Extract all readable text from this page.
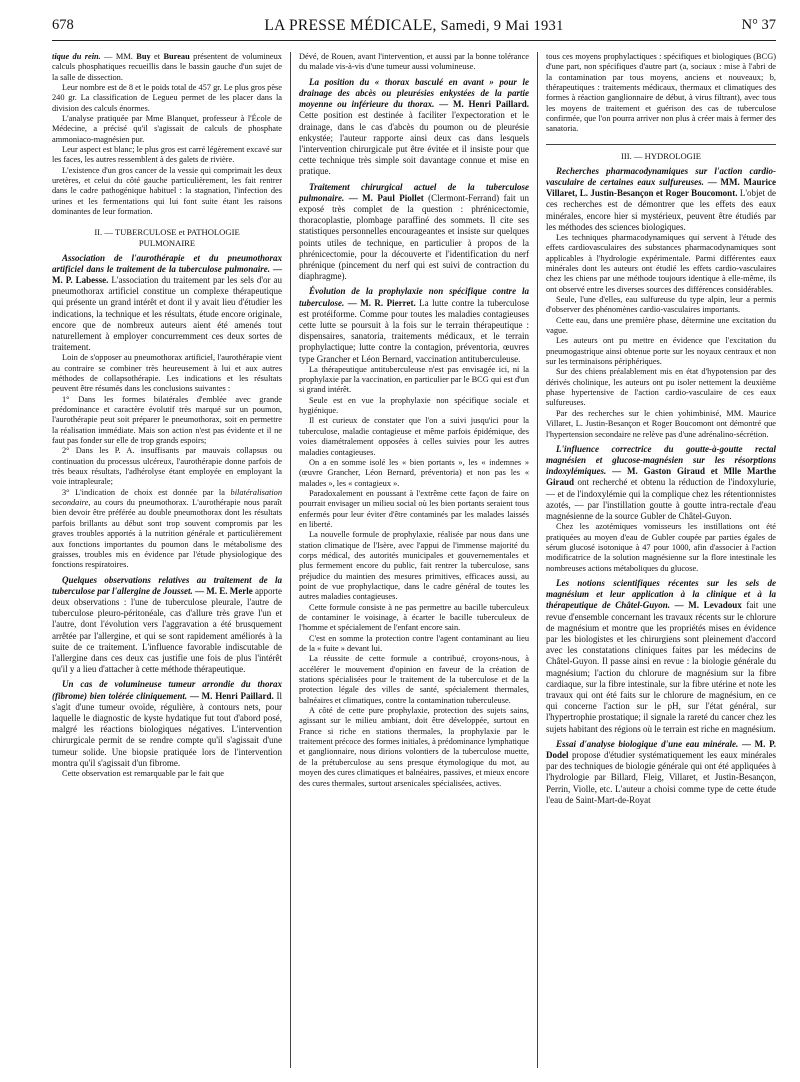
678	LA PRESSE MÉDICALE, Samedi, 9 Mai 1931	N° 37

tique du rein. — MM. Buy et Bureau présentent de volumineux calculs phosphatiques recueillis dans le bassin gauche d'un sujet de la salle de dissection.

Leur nombre est de 8 et le poids total de 457 gr. Le plus gros pèse 240 gr. La classification de Legueu permet de les placer dans la division des calculs énormes.

L'analyse pratiquée par Mme Blanquet, professeur à l'École de Médecine, a précisé qu'il s'agissait de calculs de phosphate ammoniaco-magnésien pur.

Leur aspect est blanc; le plus gros est carré légèrement excavé sur les faces, les autres ressemblent à des galets de rivière.

L'existence d'un gros cancer de la vessie qui comprimait les deux uretères, et celui du côté gauche particulièrement, les fait rentrer dans le cadre pathogénique habituel : la stagnation, l'infection des urines et les fermentations qui lui font suite étant les raisons dominantes de leur formation.

II. — TUBERCULOSE et PATHOLOGIE

PULMONAIRE

Association de l'aurothérapie et du pneumothorax artificiel dans le traitement de la tuberculose pulmonaire. — M. P. Labesse. L'association du traitement par les sels d'or au pneumothorax artificiel constitue un complexe thérapeutique qui présente un grand intérêt et dont il y avait lieu d'étudier les indications, la technique et les résultats, étude encore originale, encore que de nombreux auteurs aient été amenés tout naturellement à employer concurremment ces deux sortes de traitement.

Loin de s'opposer au pneumothorax artificiel, l'aurothérapie vient au contraire se combiner très heureusement à lui et aux autres méthodes de collapsothérapie. Les indications et les résultats peuvent être résumés dans les conclusions suivantes :

1° Dans les formes bilatérales d'emblée avec grande prédominance et caractère évolutif très marqué sur un poumon, l'aurothérapie peut soit préparer le pneumothorax, soit en permettre la réalisation immédiate. Mais son action n'est pas évidente et il ne faut pas fonder sur elle de trop grands espoirs;

2° Dans les P. A. insuffisants par mauvais collapsus ou continuation du processus ulcéreux, l'aurothérapie donne parfois de très beaux résultats, l'adhérolyse étant employée en employant la voie intrapleurale;

3° L'indication de choix est donnée par la bilatéralisation secondaire, au cours du pneumothorax. L'aurothérapie nous paraît bien devoir être préférée au double pneumothorax dont les résultats parfois brillants au début sont trop souvent compromis par les graves troubles apportés à la nutrition générale et particulièrement aux fonctions importantes du poumon dans le métabolisme des graisses, troubles mis en évidence par l'étude physiologique des fonctions respiratoires.

Quelques observations relatives au traitement de la tuberculose par l'allergine de Jousset. — M. E. Merle apporte deux observations : l'une de tuberculose pleurale, l'autre de tuberculose pleuro-péritonéale, cas d'allure très grave l'un et l'autre, dont l'évolution vers l'aggravation a été brusquement arrêtée par l'allergine, et qui se sont rapidement améliorés à la suite de ce traitement. L'influence favorable indiscutable de l'allergine dans ces deux cas justifie une fois de plus l'intérêt qu'il y a lieu d'attacher à cette méthode thérapeutique.
Un cas de volumineuse tumeur arrondie du thorax (fibrome) bien tolérée cliniquement. — M. Henri Paillard. Il s'agit d'une tumeur ovoïde, régulière, à contours nets, pour laquelle le diagnostic de kyste hydatique fut tout d'abord posé, malgré les réactions biologiques négatives. L'intervention chirurgicale permit de se rendre compte qu'il s'agissait d'une tumeur solide. Une biopsie pratiquée lors de l'intervention montra qu'il s'agissait d'un fibrome.

Cette observation est remarquable par le fait que

Dévé, de Rouen, avant l'intervention, et aussi par la bonne tolérance du malade vis-à-vis d'une tumeur aussi volumineuse.

La position du « thorax basculé en avant » pour le drainage des abcès ou pleurésies enkystées de la partie moyenne ou inférieure du thorax. — M. Henri Paillard. Cette position est destinée à faciliter l'expectoration et le drainage, dans le cas d'abcès du poumon ou de pleurésie enkystée; l'auteur rapporte ainsi deux cas dans lesquels l'intervention chirurgicale put être évitée et il insiste pour que cette technique très simple soit davantage connue et mise en pratique.
Traitement chirurgical actuel de la tuberculose pulmonaire. — M. Paul Piollet (Clermont-Ferrand) fait un exposé très complet de la question : phrénicectomie, thoracoplastie, plombage paraffiné des sommets. Il cite ses statistiques personnelles encourageantes et insiste sur quelques points utiles de technique, en particulier à propos de la phrénicectomie, pour la découverte et l'identification du nerf phrénique (pincement du nerf qui est suivi de contraction du diaphragme).
Évolution de la prophylaxie non spécifique contre la tuberculose. — M. R. Pierret. La lutte contre la tuberculose est protéiforme. Comme pour toutes les maladies contagieuses cette lutte se poursuit à la fois sur le terrain thérapeutique : dispensaires, sanatoria, traitements médicaux, et le terrain prophylactique; lutte contre la contagion, préventoria, œuvres type Grancher et Léon Bernard, vaccination antituberculeuse.

La thérapeutique antituberculeuse n'est pas envisagée ici, ni la prophylaxie par la vaccination, en particulier par le BCG qui est d'un si grand intérêt.

Seule est en vue la prophylaxie non spécifique sociale et hygiénique.

Il est curieux de constater que l'on a suivi jusqu'ici pour la tuberculose, maladie contagieuse et même parfois épidémique, des voies diamétralement opposées à celles suivies pour les autres maladies contagieuses.

On a en somme isolé les « bien portants », les « indemnes » (œuvre Grancher, Léon Bernard, préventoria) et non pas les « malades », les « contagieux ».

Paradoxalement en poussant à l'extrême cette façon de faire on pourrait envisager un milieu social où les bien portants seraient tous enfermés pour leur éviter d'être contaminés par les malades laissés en liberté.

La nouvelle formule de prophylaxie, réalisée par nous dans une station climatique de l'Isère, avec l'appui de l'immense majorité du corps médical, des autorités municipales et gouvernementales et plus fermement encore du public, fait rentrer la tuberculose, sans préjudice du maintien des mesures primitives, efficaces aussi, au point de vue prophylactique, dans le cadre général de toutes les autres maladies contagieuses.

Cette formule consiste à ne pas permettre au bacille tuberculeux de contaminer le voisinage, à écarter le bacille tuberculeux de l'homme et spécialement de l'enfant encore sain.

C'est en somme la protection contre l'agent contaminant au lieu de la « fuite » devant lui.

La réussite de cette formule a contribué, croyons-nous, à accélérer le mouvement d'opinion en faveur de la création de stations spécialisées pour le traitement de la tuberculose et de la protection légale des villes de santé, spécialement thermales, balnéaires et climatiques, contre la contamination tuberculeuse.

A côté de cette pure prophylaxie, protection des sujets sains, agissant sur le milieu ambiant, doit être développée, surtout en France si riche en stations thermales, la prophylaxie par le traitement précoce des formes initiales, à prédominance lymphatique et ganglionnaire, nous dirions volontiers de la tuberculose muette, de la prétuberculose au sens presque étymologique du mot, au moyen des cures climatiques et balnéaires, passives, et mieux encore des cures thermales, surtout arsenicales spécialisées, actives.

tous ces moyens prophylactiques : spécifiques et biologiques (BCG) d'une part, non spécifiques d'autre part (a, sociaux : mise à l'abri de la contamination par tous moyens, anciens et nouveaux; b, thérapeutiques : traitements médicaux, thermaux et climatiques des formes à réaction ganglionnaire de début, à virus filtrant), avec tous les moyens de traitement et guérison des cas de tuberculose confirmée, que l'on pourra arriver non plus à créer mais à fermer des sanatoria.

III. — HYDROLOGIE

Recherches pharmacodynamiques sur l'action cardio-vasculaire de certaines eaux sulfureuses. — MM. Maurice Villaret, L. Justin-Besançon et Roger Boucomont. L'objet de ces recherches est de démontrer que les effets des eaux minérales, encore hier si mystérieux, peuvent être étudiés par les méthodes des sciences biologiques.

Les techniques pharmacodynamiques qui servent à l'étude des effets cardiovasculaires des substances pharmacodynamiques sont applicables à l'hydrologie expérimentale. Parmi différentes eaux minérales dont les auteurs ont étudié les effets cardio-vasculaires chez les chiens par une méthode toujours identique à elle-même, ils ont observé entre les diverses sources des différences considérables.

Seule, l'une d'elles, eau sulfureuse du type alpin, leur a permis d'observer des phénomènes cardio-vasculaires importants.

Cette eau, dans une première phase, détermine une excitation du vague.

Les auteurs ont pu mettre en évidence que l'excitation du pneumogastrique ainsi obtenue porte sur les noyaux centraux et non sur les terminaisons périphériques.

Sur des chiens préalablement mis en état d'hypotension par des dérivés cholinique, les auteurs ont pu isoler nettement la deuxième phase hypertensive de l'action cardio-vasculaire de ces eaux sulfureuses.

Par des recherches sur le chien yohimbinisé, MM. Maurice Villaret, L. Justin-Besançon et Roger Boucomont ont démontré que l'hypertension secondaire ne relève pas d'une adrénalino-sécrétion.

L'influence correctrice du goutte-à-goutte rectal magnésien et glucose-magnésien sur les résorptions indoxylémiques. — M. Gaston Giraud et Mlle Marthe Giraud ont recherché et obtenu la réduction de l'indoxylurie, — et de l'indoxylémie qui la complique chez les rétentionnistes azotés, — par l'instillation goutte à goutte intra-rectale d'eau magnésienne de la source Gubler de Châtel-Guyon.

Chez les azotémiques vomisseurs les instillations ont été pratiquées au moyen d'eau de Gubler coupée par parties égales de sérum glucosé isotonique à 47 pour 1000, afin d'associer à l'action modificatrice de la solution magnésienne sur la flore intestinale les nombreuses actions métaboliques du glucose.

Les notions scientifiques récentes sur les sels de magnésium et leur application à la clinique et à la thérapeutique de Châtel-Guyon. — M. Levadoux fait une revue d'ensemble concernant les travaux récents sur le chlorure de magnésium et montre que les propriétés mises en évidence par les biologistes et les chirurgiens sont pleinement d'accord avec les constatations cliniques faites par les médecins de Châtel-Guyon. Il passe ainsi en revue : la biologie générale du magnésium; l'action du chlorure de magnésium sur la fibre cardiaque, sur la fibre intestinale, sur la fibre utérine et note les travaux qui ont été faits sur le chlorure de magnésium, en ce qui concerne l'action sur le pH, sur l'état général, sur l'hypertrophie prostatique; il signale la rareté du cancer chez les sujets habitant des régions où le terrain est riche en magnésium.
Essai d'analyse biologique d'une eau minérale. — M. P. Dodel propose d'étudier systématiquement les eaux minérales par des techniques de biologie générale qui ont été appliquées à l'hydrologie par Billard, Fleig, Villaret, et Justin-Besançon, Perrin, Violle, etc. L'auteur a choisi comme type de cette étude l'eau de Saint-Mart-de-Royat
